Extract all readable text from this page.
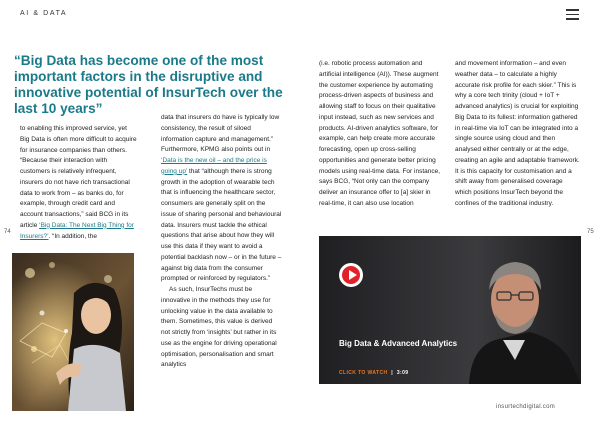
AI & DATA
74	75
“Big Data has become one of the most important factors in the disruptive and innovative potential of InsurTech over the last 10 years”

to enabling this improved service, yet Big Data is often more difficult to acquire for insurance companies than others. “Because their interaction with customers is relatively infrequent, insurers do not have rich transactional data to work from – as banks do, for example, through credit card and account transactions,” said BCG in its article ‘Big Data: The Next Big Thing for Insurers?’. “In addition, the

data that insurers do have is typically low consistency, the result of siloed information capture and management.” Furthermore, KPMG also points out in ‘Data is the new oil – and the price is going up’ that “although there is strong growth in the adoption of wearable tech that is influencing the healthcare sector, consumers are generally split on the issue of sharing personal and behavioural data. Insurers must tackle the ethical questions that arise about how they will use this data if they want to avoid a potential backlash now – or in the future – against big data from the consumer prompted or reinforced by regulators.”

As such, InsurTechs must be innovative in the methods they use for unlocking value in the data available to them. Sometimes, this value is derived not strictly from ‘insights’ but rather in its use as the engine for driving operational optimisation, personalisation and smart analytics

(i.e. robotic process automation and artificial intelligence (AI)). These augment the customer experience by automating process-driven aspects of business and allowing staff to focus on their qualitative input instead, such as new services and products. AI-driven analytics software, for example, can help create more accurate forecasting, open up cross-selling opportunities and generate better pricing models using real-time data. For instance, says BCG, “Not only can the company deliver an insurance offer to [a] skier in real-time, it can also use location

and movement information – and even weather data – to calculate a highly accurate risk profile for each skier.” This is why a core tech trinity (cloud + IoT + advanced analytics) is crucial for exploiting Big Data to its fullest: information gathered in real-time via IoT can be integrated into a single source using cloud and then analysed either centrally or at the edge, creating an agile and adaptable framework. It is this capacity for customisation and a shift away from generalised coverage which positions InsurTech beyond the confines of the traditional industry.

Big Data & Advanced Analytics
CLICK TO WATCH | 3:09
insurtechdigital.com
